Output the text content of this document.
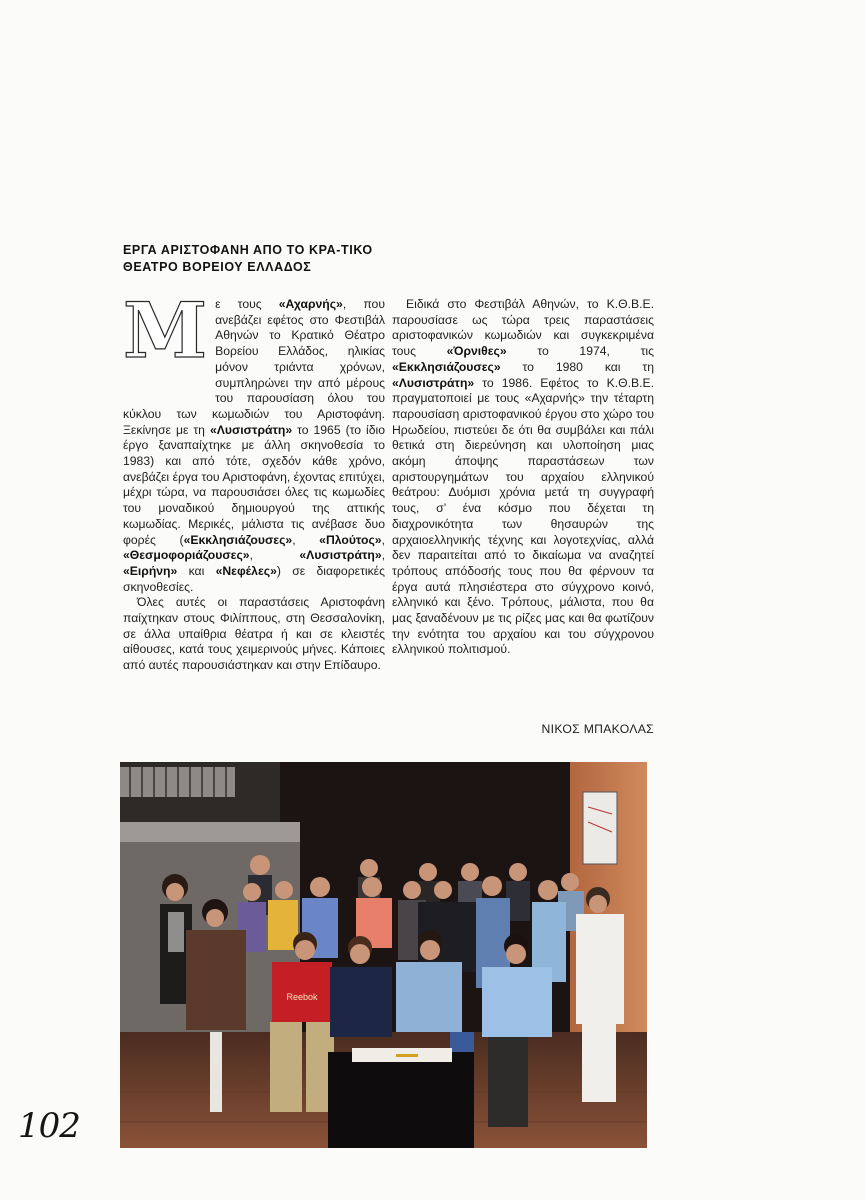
ΕΡΓΑ ΑΡΙΣΤΟΦΑΝΗ ΑΠΟ ΤΟ ΚΡΑ-ΤΙΚΟ ΘΕΑΤΡΟ ΒΟΡΕΙΟΥ ΕΛΛΑΔΟΣ

Με τους «Αχαρνής», που ανεβάζει εφέτος στο Φεστιβάλ Αθηνών το Κρατικό Θέατρο Βορείου Ελλάδος, ηλικίας μόνον τριάντα χρόνων, συμπληρώνει την από μέρους του παρουσίαση όλου του κύκλου των κωμωδιών του Αριστοφάνη. Ξεκίνησε με τη «Λυσιστράτη» το 1965 (το ίδιο έργο ξαναπαίχτηκε με άλλη σκηνοθεσία το 1983) και από τότε, σχεδόν κάθε χρόνο, ανεβάζει έργα του Αριστοφάνη, έχοντας επιτύχει, μέχρι τώρα, να παρουσιάσει όλες τις κωμωδίες του μοναδικού δημιουργού της αττικής κωμωδίας. Μερικές, μάλιστα τις ανέβασε δυο φορές («Εκκλησιάζουσες», «Πλούτος», «Θεσμοφοριάζουσες», «Λυσιστράτη», «Ειρήνη» και «Νεφέλες») σε διαφορετικές σκηνοθεσίες.

Όλες αυτές οι παραστάσεις Αριστοφάνη παίχτηκαν στους Φιλίππους, στη Θεσσαλονίκη, σε άλλα υπαίθρια θέατρα ή και σε κλειστές αίθουσες, κατά τους χειμερινούς μήνες. Κάποιες από αυτές παρουσιάστηκαν και στην Επίδαυρο.

Ειδικά στο Φεστιβάλ Αθηνών, το Κ.Θ.Β.Ε. παρουσίασε ως τώρα τρεις παραστάσεις αριστοφανικών κωμωδιών και συγκεκριμένα τους «Όρνιθες» το 1974, τις «Εκκλησιάζουσες» το 1980 και τη «Λυσιστράτη» το 1986. Εφέτος το Κ.Θ.Β.Ε. πραγματοποιεί με τους «Αχαρνής» την τέταρτη παρουσίαση αριστοφανικού έργου στο χώρο του Ηρωδείου, πιστεύει δε ότι θα συμβάλει και πάλι θετικά στη διερεύνηση και υλοποίηση μιας ακόμη άποψης παραστάσεων των αριστουργημάτων του αρχαίου ελληνικού θεάτρου: Δυόμισι χρόνια μετά τη συγγραφή τους, σ’ ένα κόσμο που δέχεται τη διαχρονικότητα των θησαυρών της αρχαιοελληνικής τέχνης και λογοτεχνίας, αλλά δεν παραιτείται από το δικαίωμα να αναζητεί τρόπους απόδοσής τους που θα φέρνουν τα έργα αυτά πλησιέστερα στο σύγχρονο κοινό, ελληνικό και ξένο. Τρόπους, μάλιστα, που θα μας ξαναδένουν με τις ρίζες μας και θα φωτίζουν την ενότητα του αρχαίου και του σύγχρονου ελληνικού πολιτισμού.

ΝΙΚΟΣ ΜΠΑΚΟΛΑΣ
Reebok
102
